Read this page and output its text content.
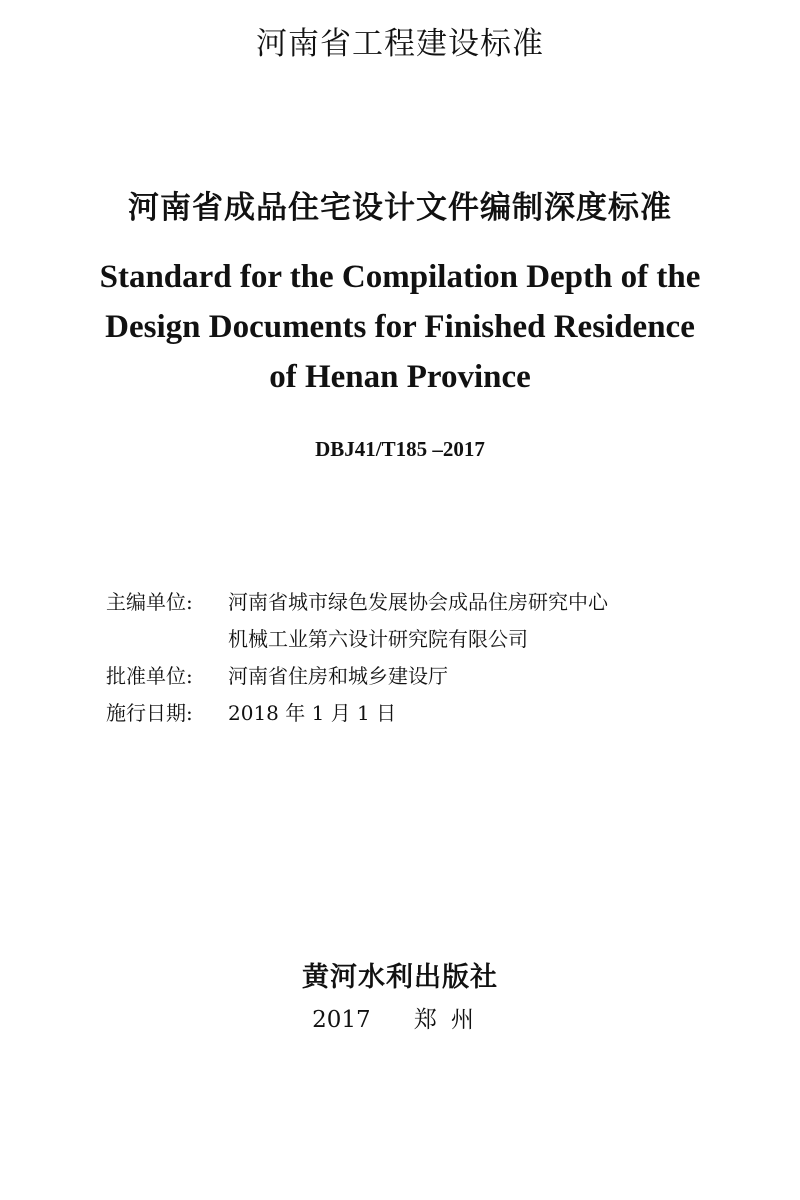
河南省工程建设标准
河南省成品住宅设计文件编制深度标准
Standard for the Compilation Depth of the
Design Documents for Finished Residence
of Henan Province
DBJ41/T185 –2017
主编单位:	河南省城市绿色发展协会成品住房研究中心
机械工业第六设计研究院有限公司
批准单位:	河南省住房和城乡建设厅
施行日期:	2018 年 1 月 1 日
黄河水利出版社
2017 郑州
